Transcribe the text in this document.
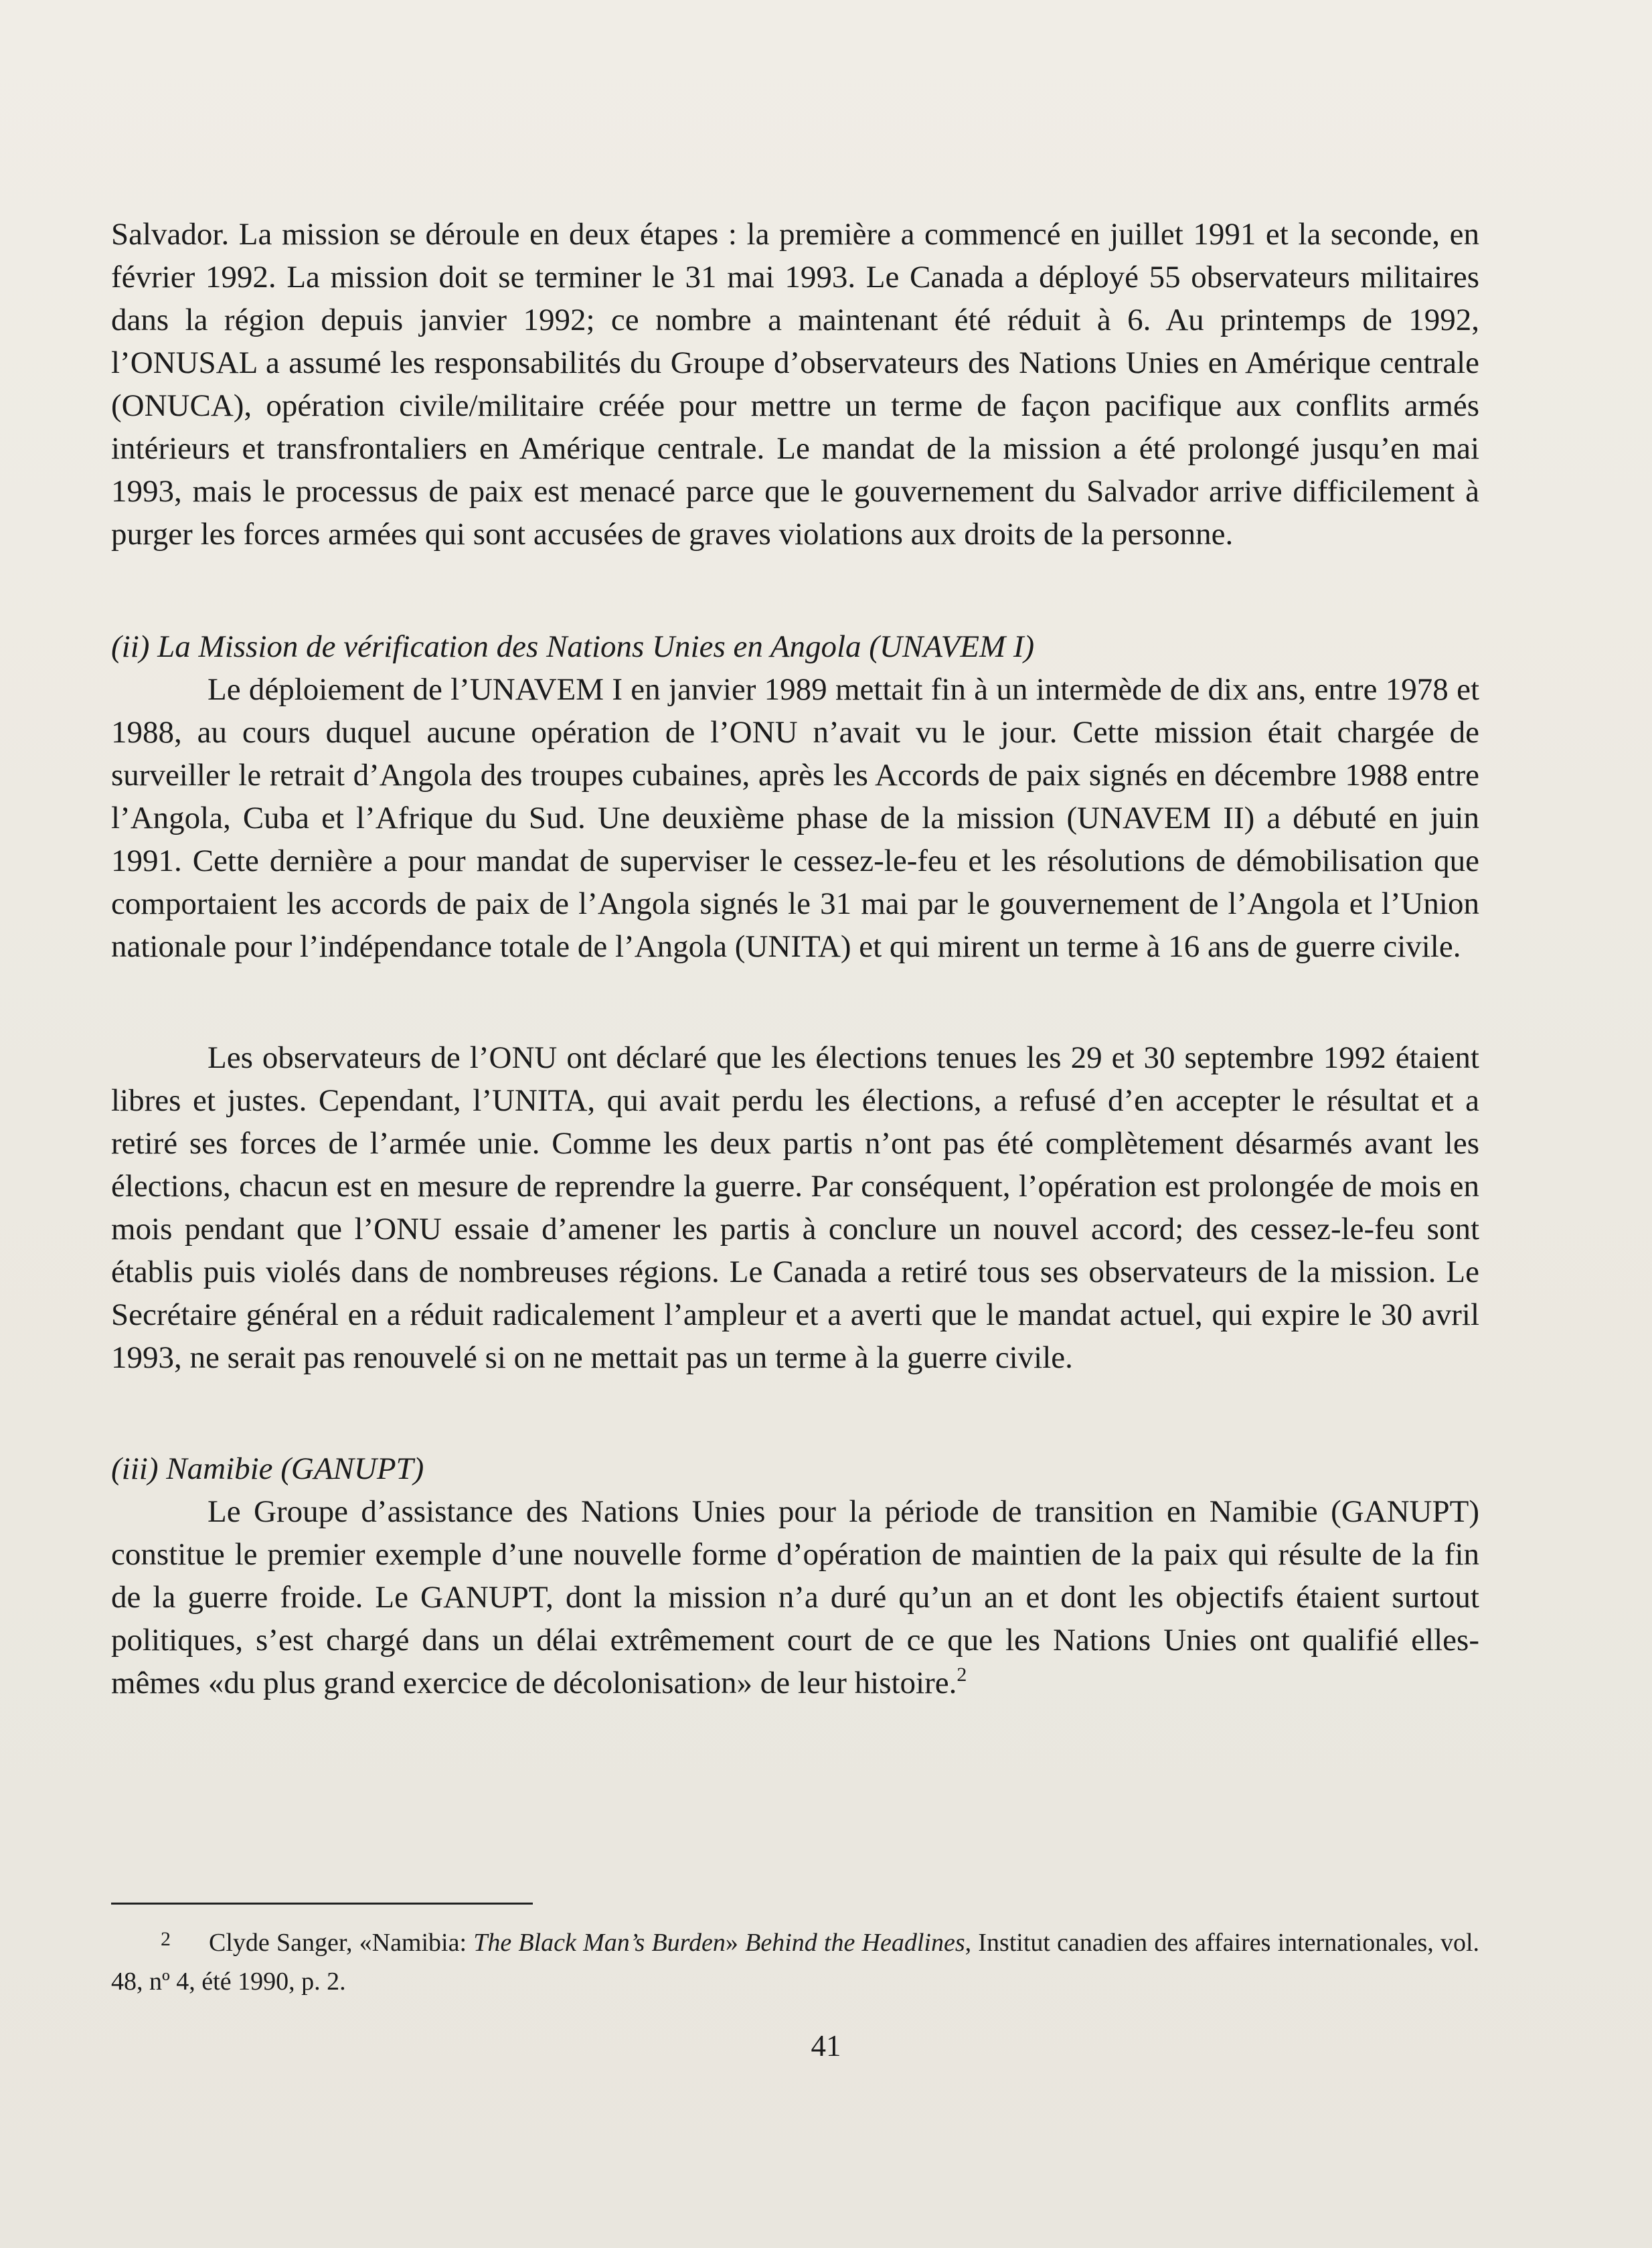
Salvador. La mission se déroule en deux étapes : la première a commencé en juillet 1991 et la seconde, en février 1992. La mission doit se terminer le 31 mai 1993. Le Canada a déployé 55 observateurs militaires dans la région depuis janvier 1992; ce nombre a maintenant été réduit à 6. Au printemps de 1992, l’ONUSAL a assumé les responsabilités du Groupe d’observateurs des Nations Unies en Amérique centrale (ONUCA), opération civile/militaire créée pour mettre un terme de façon pacifique aux conflits armés intérieurs et transfrontaliers en Amérique centrale. Le mandat de la mission a été prolongé jusqu’en mai 1993, mais le processus de paix est menacé parce que le gouvernement du Salvador arrive difficilement à purger les forces armées qui sont accusées de graves violations aux droits de la personne.

(ii) La Mission de vérification des Nations Unies en Angola (UNAVEM I)

Le déploiement de l’UNAVEM I en janvier 1989 mettait fin à un intermède de dix ans, entre 1978 et 1988, au cours duquel aucune opération de l’ONU n’avait vu le jour. Cette mission était chargée de surveiller le retrait d’Angola des troupes cubaines, après les Accords de paix signés en décembre 1988 entre l’Angola, Cuba et l’Afrique du Sud. Une deuxième phase de la mission (UNAVEM II) a débuté en juin 1991. Cette dernière a pour mandat de superviser le cessez-le-feu et les résolutions de démobilisation que comportaient les accords de paix de l’Angola signés le 31 mai par le gouvernement de l’Angola et l’Union nationale pour l’indépendance totale de l’Angola (UNITA) et qui mirent un terme à 16 ans de guerre civile.

Les observateurs de l’ONU ont déclaré que les élections tenues les 29 et 30 septembre 1992 étaient libres et justes. Cependant, l’UNITA, qui avait perdu les élections, a refusé d’en accepter le résultat et a retiré ses forces de l’armée unie. Comme les deux partis n’ont pas été complètement désarmés avant les élections, chacun est en mesure de reprendre la guerre. Par conséquent, l’opération est prolongée de mois en mois pendant que l’ONU essaie d’amener les partis à conclure un nouvel accord; des cessez-le-feu sont établis puis violés dans de nombreuses régions. Le Canada a retiré tous ses observateurs de la mission. Le Secrétaire général en a réduit radicalement l’ampleur et a averti que le mandat actuel, qui expire le 30 avril 1993, ne serait pas renouvelé si on ne mettait pas un terme à la guerre civile.

(iii) Namibie (GANUPT)

Le Groupe d’assistance des Nations Unies pour la période de transition en Namibie (GANUPT) constitue le premier exemple d’une nouvelle forme d’opération de maintien de la paix qui résulte de la fin de la guerre froide. Le GANUPT, dont la mission n’a duré qu’un an et dont les objectifs étaient surtout politiques, s’est chargé dans un délai extrêmement court de ce que les Nations Unies ont qualifié elles-mêmes «du plus grand exercice de décolonisation» de leur histoire.$^2$

2 Clyde Sanger, «Namibia: The Black Man’s Burden» Behind the Headlines, Institut canadien des affaires internationales, vol. 48, nº 4, été 1990, p. 2.
41
